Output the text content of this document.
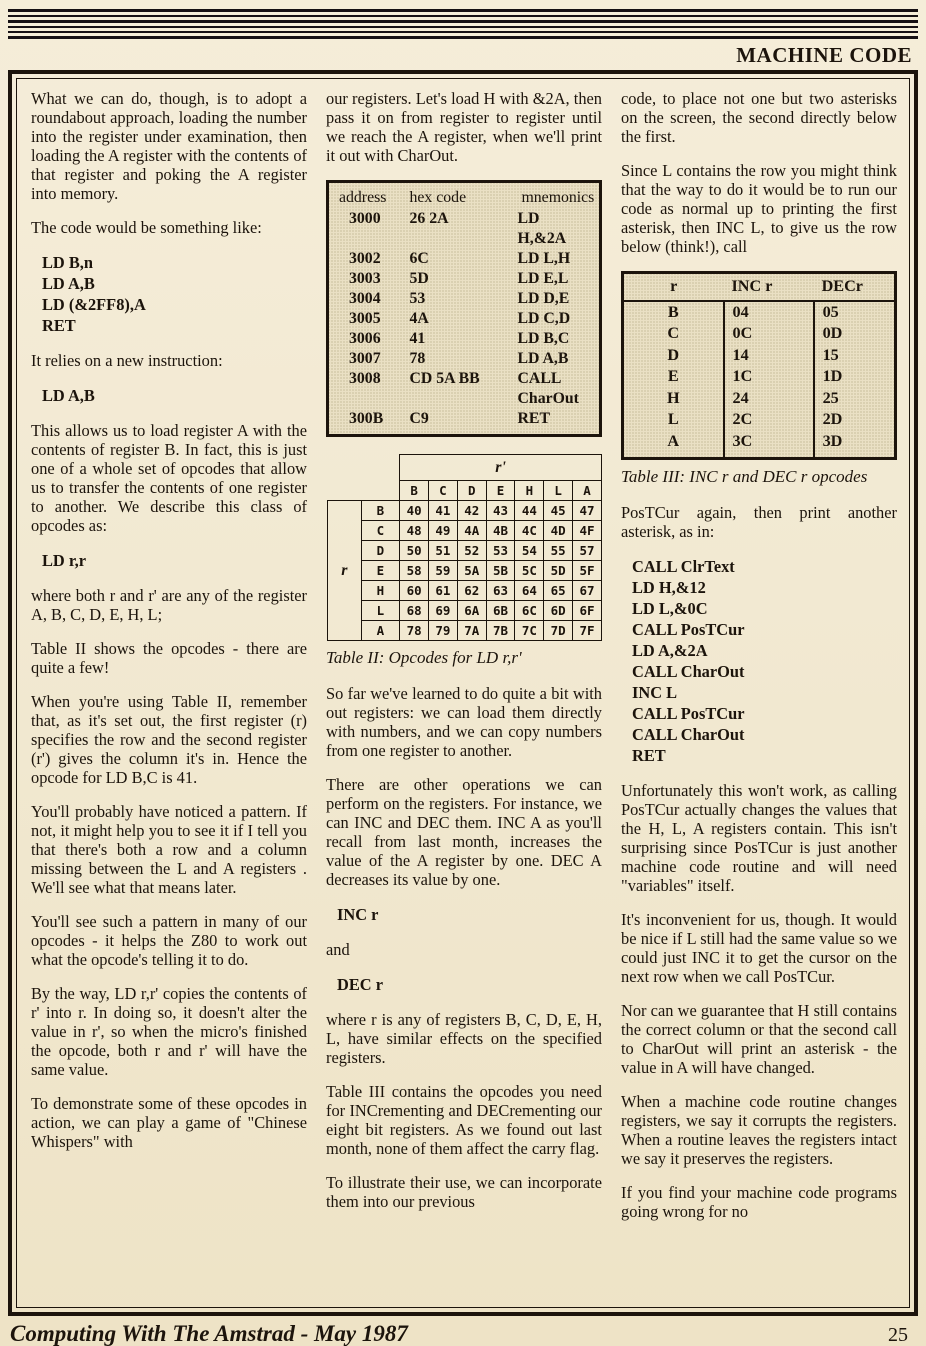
MACHINE CODE

What we can do, though, is to adopt a roundabout approach, loading the number into the register under examination, then loading the A register with the contents of that register and poking the A register into memory.

The code would be something like:

LD B,n
LD A,B
LD (&2FF8),A
RET

It relies on a new instruction:

LD A,B

This allows us to load register A with the contents of register B. In fact, this is just one of a whole set of opcodes that allow us to transfer the contents of one register to another. We describe this class of opcodes as:

LD r,r

where both r and r' are any of the register A, B, C, D, E, H, L;

Table II shows the opcodes - there are quite a few!

When you're using Table II, remember that, as it's set out, the first register (r) specifies the row and the second register (r') gives the column it's in. Hence the opcode for LD B,C is 41.

You'll probably have noticed a pattern. If not, it might help you to see it if I tell you that there's both a row and a column missing between the L and A registers . We'll see what that means later.

You'll see such a pattern in many of our opcodes - it helps the Z80 to work out what the opcode's telling it to do.

By the way, LD r,r' copies the contents of r' into r. In doing so, it doesn't alter the value in r', so when the micro's finished the opcode, both r and r' will have the same value.

To demonstrate some of these opcodes in action, we can play a game of "Chinese Whispers" with

our registers. Let's load H with &2A, then pass it on from register to register until we reach the A register, when we'll print it out with CharOut.

address	hex code	mnemonics
3000	26 2A	LD H,&2A
3002	6C	LD L,H
3003	5D	LD E,L
3004	53	LD D,E
3005	4A	LD C,D
3006	41	LD B,C
3007	78	LD A,B
3008	CD 5A BB	CALL CharOut
300B	C9	RET
		r'						
		B	C	D	E	H	L	A
r	B	40	41	42	43	44	45	47
	C	48	49	4A	4B	4C	4D	4F
	D	50	51	52	53	54	55	57
	E	58	59	5A	5B	5C	5D	5F
	H	60	61	62	63	64	65	67
	L	68	69	6A	6B	6C	6D	6F
	A	78	79	7A	7B	7C	7D	7F
Table II: Opcodes for LD r,r'

So far we've learned to do quite a bit with out registers: we can load them directly with numbers, and we can copy numbers from one register to another.

There are other operations we can perform on the registers. For instance, we can INC and DEC them. INC A as you'll recall from last month, increases the value of the A register by one. DEC A decreases its value by one.

INC r

and

DEC r

where r is any of registers B, C, D, E, H, L, have similar effects on the specified registers.

Table III contains the opcodes you need for INCrementing and DECrementing our eight bit registers. As we found out last month, none of them affect the carry flag.

To illustrate their use, we can incorporate them into our previous

code, to place not one but two asterisks on the screen, the second directly below the first.

Since L contains the row you might think that the way to do it would be to run our code as normal up to printing the first asterisk, then INC L, to give us the row below (think!), call

r	INC r	DECr
B	04	05
C	0C	0D
D	14	15
E	1C	1D
H	24	25
L	2C	2D
A	3C	3D
Table III: INC r and DEC r opcodes

PosTCur again, then print another asterisk, as in:

CALL ClrText
LD H,&12
LD L,&0C
CALL PosTCur
LD A,&2A
CALL CharOut
INC L
CALL PosTCur
CALL CharOut
RET

Unfortunately this won't work, as calling PosTCur actually changes the values that the H, L, A registers contain. This isn't surprising since PosTCur is just another machine code routine and will need "variables" itself.

It's inconvenient for us, though. It would be nice if L still had the same value so we could just INC it to get the cursor on the next row when we call PosTCur.

Nor can we guarantee that H still contains the correct column or that the second call to CharOut will print an asterisk - the value in A will have changed.

When a machine code routine changes registers, we say it corrupts the registers. When a routine leaves the registers intact we say it preserves the registers.

If you find your machine code programs going wrong for no

Computing With The Amstrad - May 1987	25
